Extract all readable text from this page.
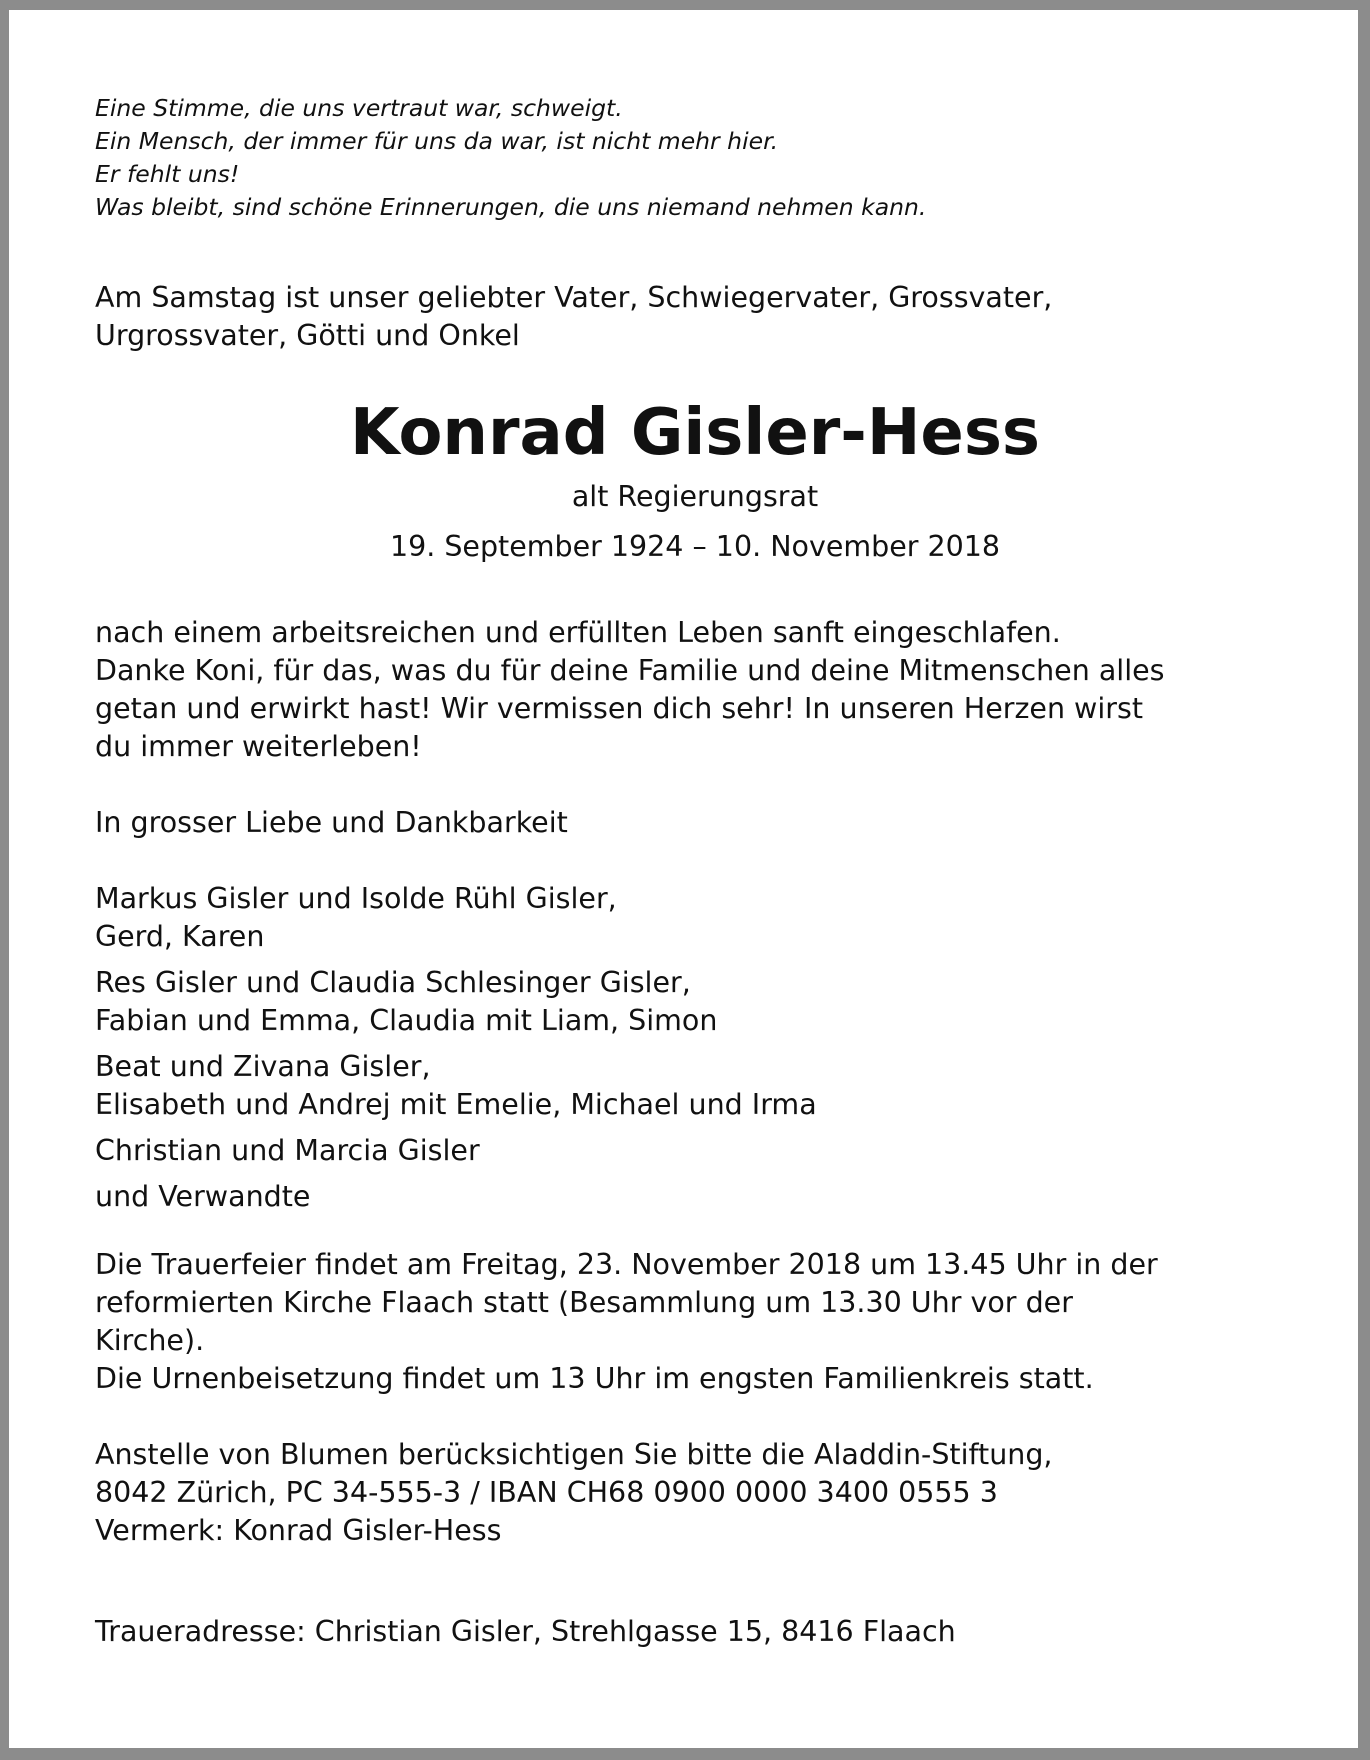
Eine Stimme, die uns vertraut war, schweigt.
Ein Mensch, der immer für uns da war, ist nicht mehr hier.
Er fehlt uns!
Was bleibt, sind schöne Erinnerungen, die uns niemand nehmen kann.
Am Samstag ist unser geliebter Vater, Schwiegervater, Grossvater,
Urgrossvater, Götti und Onkel
Konrad Gisler-Hess
alt Regierungsrat
19. September 1924 – 10. November 2018
nach einem arbeitsreichen und erfüllten Leben sanft eingeschlafen.
Danke Koni, für das, was du für deine Familie und deine Mitmenschen alles
getan und erwirkt hast! Wir vermissen dich sehr! In unseren Herzen wirst
du immer weiterleben!
In grosser Liebe und Dankbarkeit
Markus Gisler und Isolde Rühl Gisler,
Gerd, Karen
Res Gisler und Claudia Schlesinger Gisler,
Fabian und Emma, Claudia mit Liam, Simon
Beat und Zivana Gisler,
Elisabeth und Andrej mit Emelie, Michael und Irma
Christian und Marcia Gisler
und Verwandte
Die Trauerfeier findet am Freitag, 23. November 2018 um 13.45 Uhr in der
reformierten Kirche Flaach statt (Besammlung um 13.30 Uhr vor der
Kirche).
Die Urnenbeisetzung findet um 13 Uhr im engsten Familienkreis statt.
Anstelle von Blumen berücksichtigen Sie bitte die Aladdin-Stiftung,
8042 Zürich, PC 34-555-3 / IBAN CH68 0900 0000 3400 0555 3
Vermerk: Konrad Gisler-Hess
Traueradresse: Christian Gisler, Strehlgasse 15, 8416 Flaach
